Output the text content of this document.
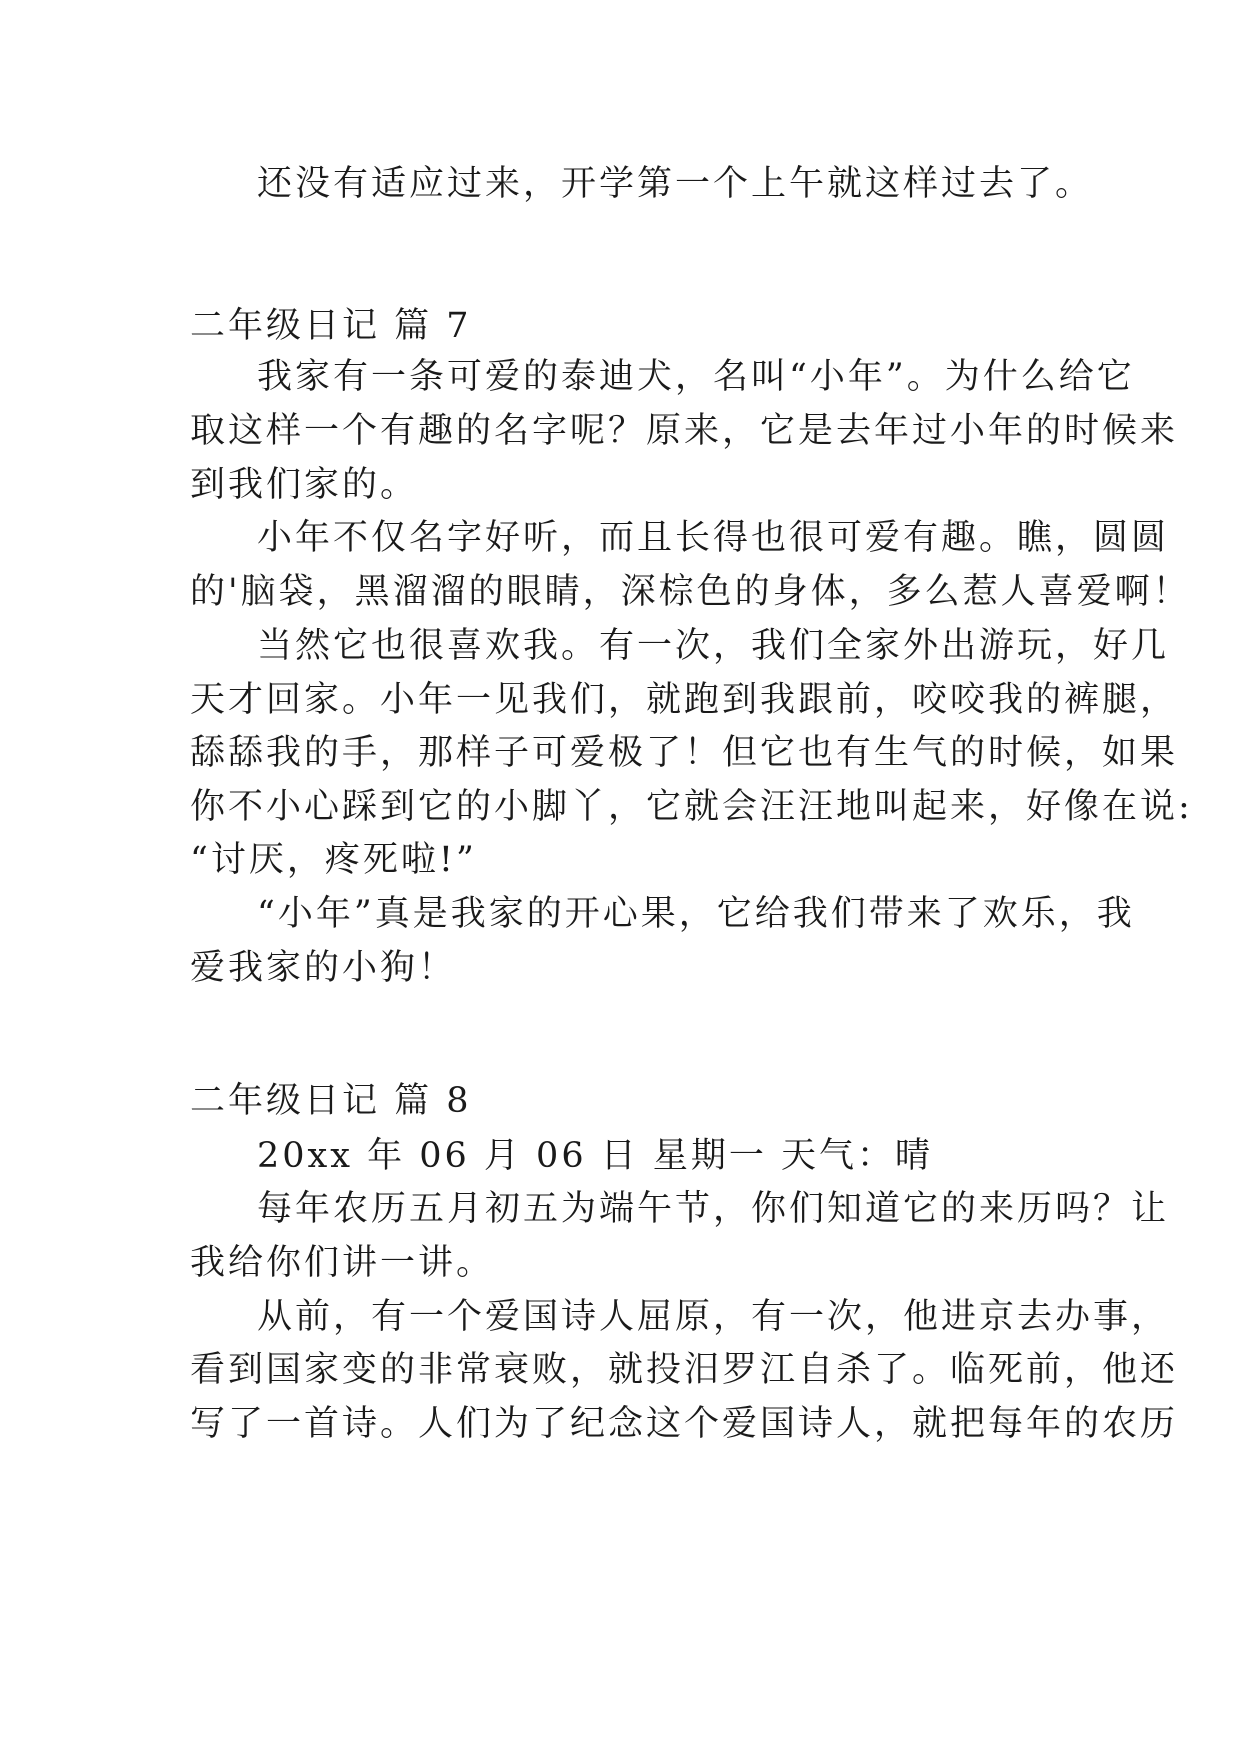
还没有适应过来，开学第一个上午就这样过去了。
二年级日记 篇 7
我家有一条可爱的泰迪犬，名叫“小年”。为什么给它
取这样一个有趣的名字呢？原来，它是去年过小年的时候来
到我们家的。
小年不仅名字好听，而且长得也很可爱有趣。瞧，圆圆
的'脑袋，黑溜溜的眼睛，深棕色的身体，多么惹人喜爱啊！
当然它也很喜欢我。有一次，我们全家外出游玩，好几
天才回家。小年一见我们，就跑到我跟前，咬咬我的裤腿，
舔舔我的手，那样子可爱极了！但它也有生气的时候，如果
你不小心踩到它的小脚丫，它就会汪汪地叫起来，好像在说:
“讨厌，疼死啦!”
“小年”真是我家的开心果，它给我们带来了欢乐，我
爱我家的小狗！
二年级日记 篇 8
20xx 年 06 月 06 日 星期一 天气：晴
每年农历五月初五为端午节，你们知道它的来历吗？让
我给你们讲一讲。
从前，有一个爱国诗人屈原，有一次，他进京去办事，
看到国家变的非常衰败，就投汨罗江自杀了。临死前，他还
写了一首诗。人们为了纪念这个爱国诗人，就把每年的农历
